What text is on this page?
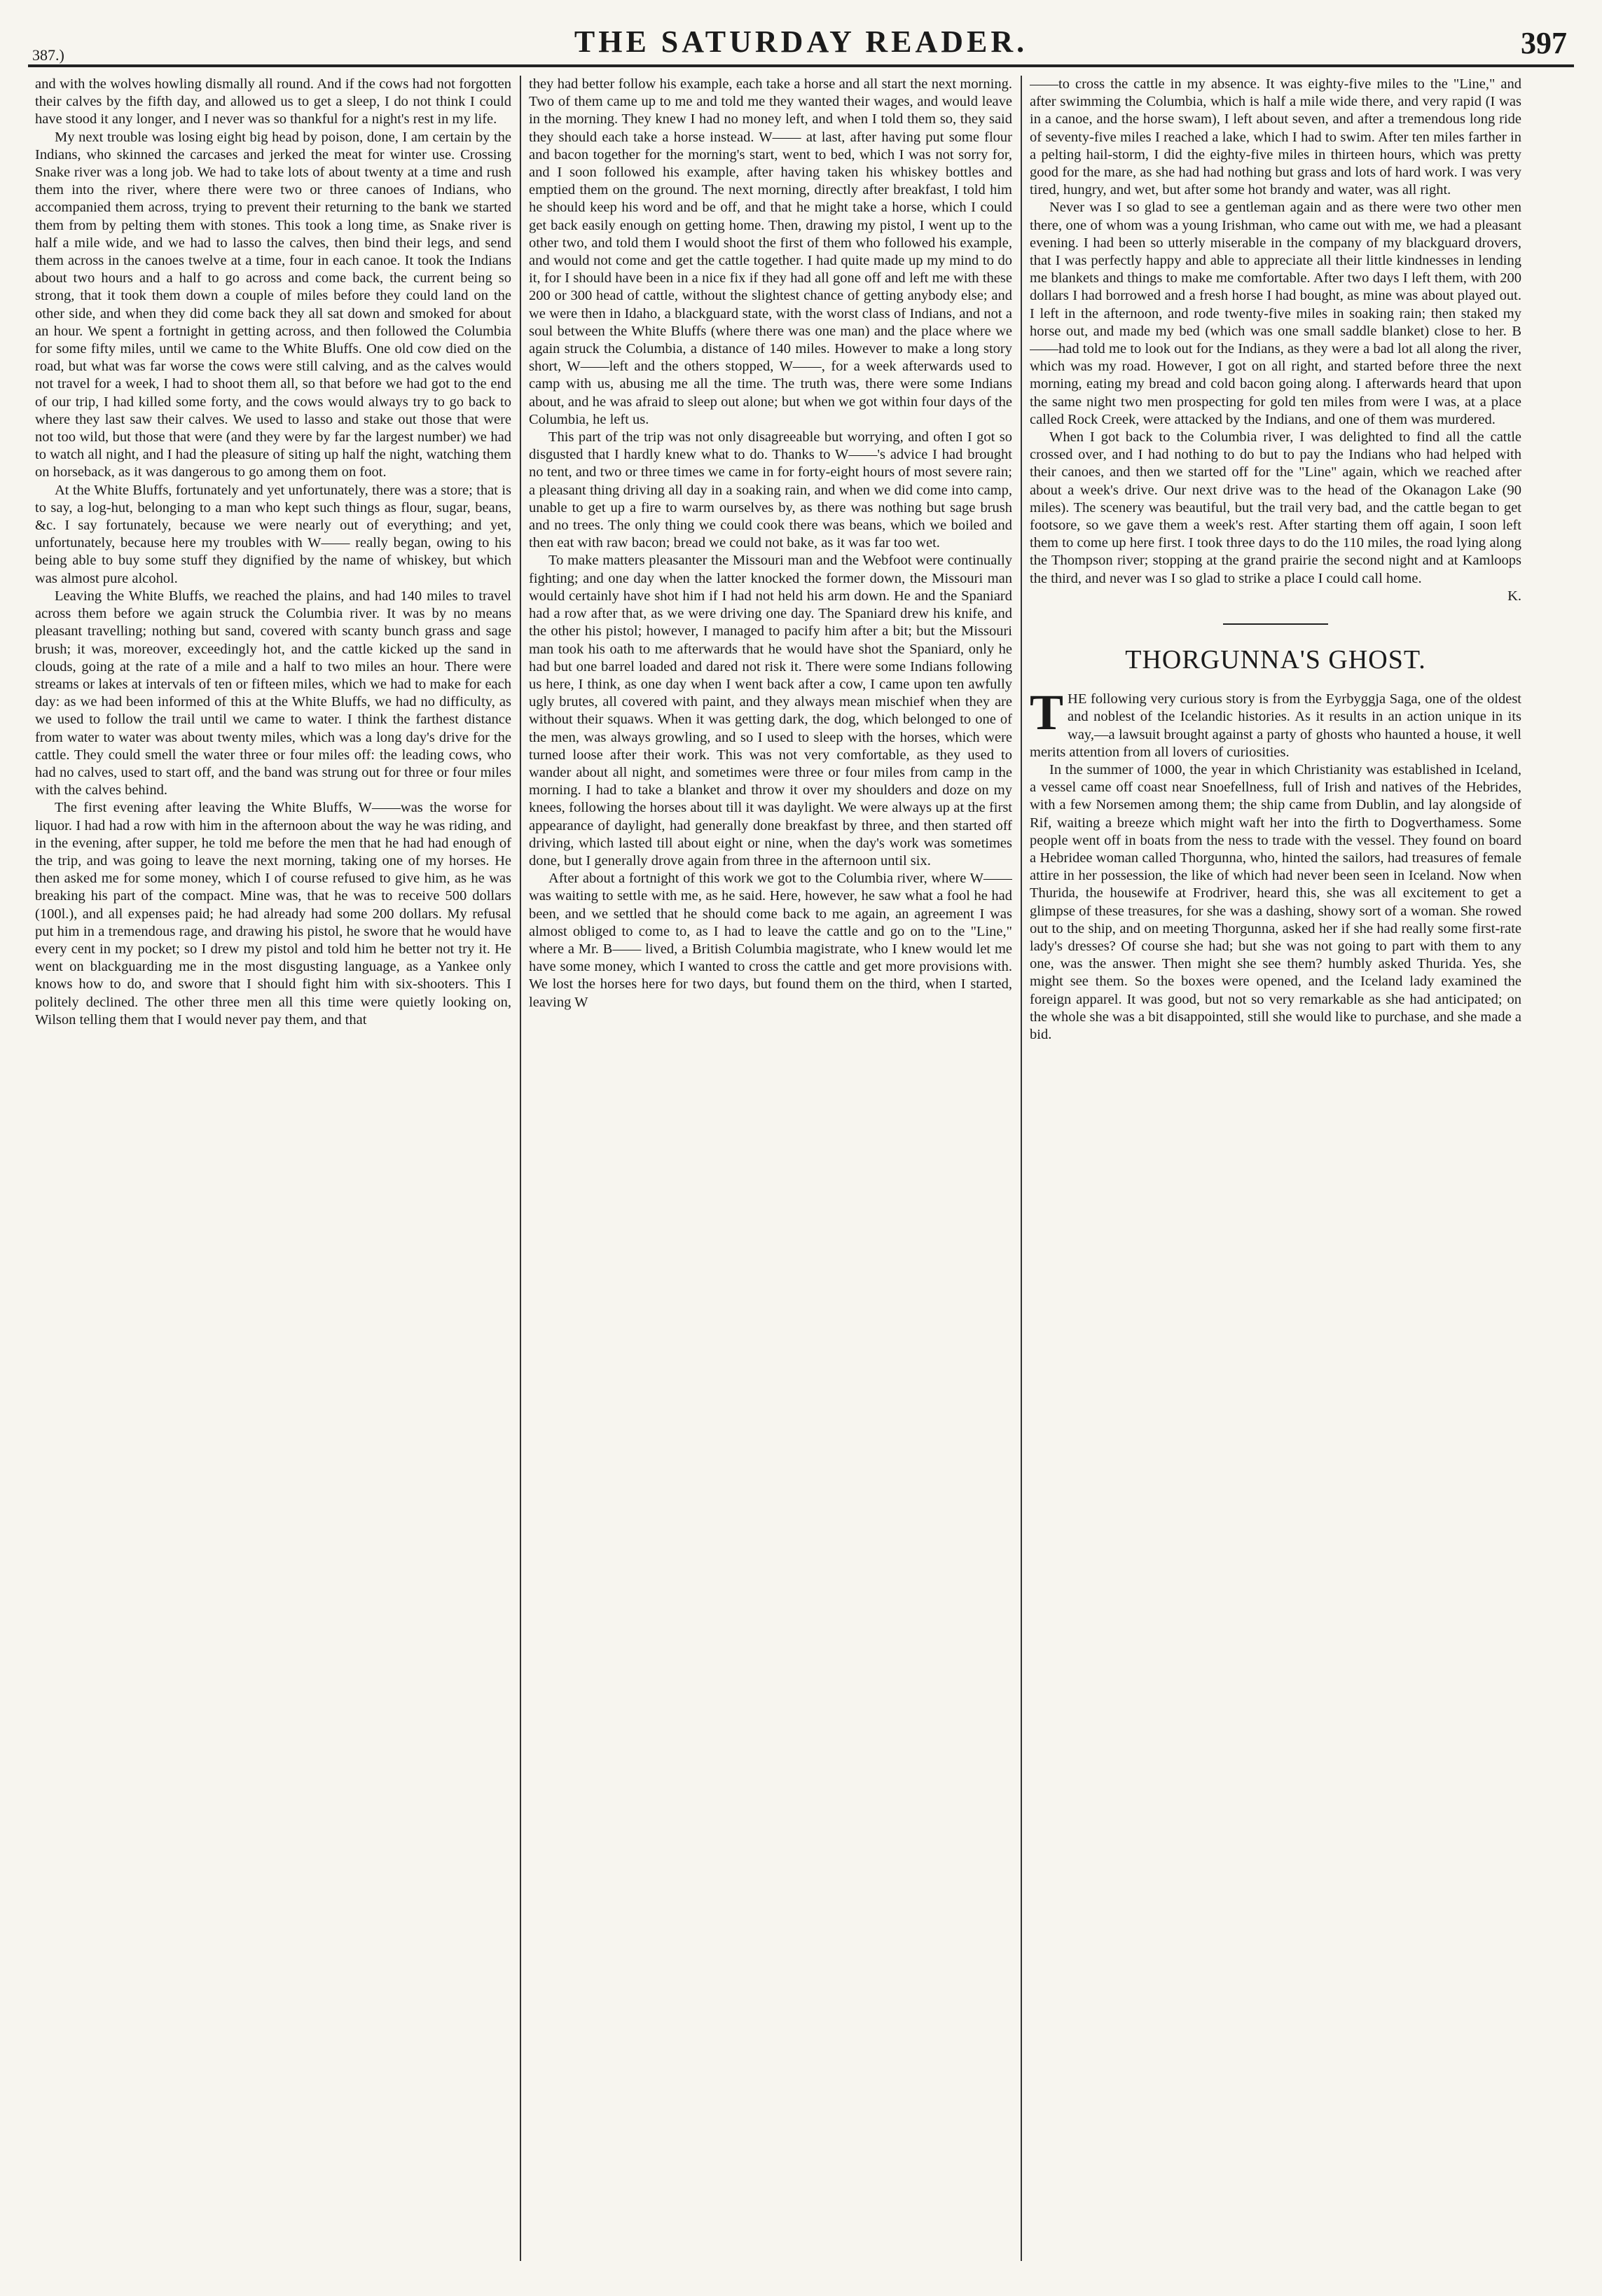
387.)	THE SATURDAY READER.	397

and with the wolves howling dismally all round. And if the cows had not forgotten their calves by the fifth day, and allowed us to get a sleep, I do not think I could have stood it any longer, and I never was so thankful for a night's rest in my life.

My next trouble was losing eight big head by poison, done, I am certain by the Indians, who skinned the carcases and jerked the meat for winter use. Crossing Snake river was a long job. We had to take lots of about twenty at a time and rush them into the river, where there were two or three canoes of Indians, who accompanied them across, trying to prevent their returning to the bank we started them from by pelting them with stones. This took a long time, as Snake river is half a mile wide, and we had to lasso the calves, then bind their legs, and send them across in the canoes twelve at a time, four in each canoe. It took the Indians about two hours and a half to go across and come back, the current being so strong, that it took them down a couple of miles before they could land on the other side, and when they did come back they all sat down and smoked for about an hour. We spent a fortnight in getting across, and then followed the Columbia for some fifty miles, until we came to the White Bluffs. One old cow died on the road, but what was far worse the cows were still calving, and as the calves would not travel for a week, I had to shoot them all, so that before we had got to the end of our trip, I had killed some forty, and the cows would always try to go back to where they last saw their calves. We used to lasso and stake out those that were not too wild, but those that were (and they were by far the largest number) we had to watch all night, and I had the pleasure of siting up half the night, watching them on horseback, as it was dangerous to go among them on foot.

At the White Bluffs, fortunately and yet unfortunately, there was a store; that is to say, a log-hut, belonging to a man who kept such things as flour, sugar, beans, &c. I say fortunately, because we were nearly out of everything; and yet, unfortunately, because here my troubles with W—— really began, owing to his being able to buy some stuff they dignified by the name of whiskey, but which was almost pure alcohol.

Leaving the White Bluffs, we reached the plains, and had 140 miles to travel across them before we again struck the Columbia river. It was by no means pleasant travelling; nothing but sand, covered with scanty bunch grass and sage brush; it was, moreover, exceedingly hot, and the cattle kicked up the sand in clouds, going at the rate of a mile and a half to two miles an hour. There were streams or lakes at intervals of ten or fifteen miles, which we had to make for each day: as we had been informed of this at the White Bluffs, we had no difficulty, as we used to follow the trail until we came to water. I think the farthest distance from water to water was about twenty miles, which was a long day's drive for the cattle. They could smell the water three or four miles off: the leading cows, who had no calves, used to start off, and the band was strung out for three or four miles with the calves behind.

The first evening after leaving the White Bluffs, W——was the worse for liquor. I had had a row with him in the afternoon about the way he was riding, and in the evening, after supper, he told me before the men that he had had enough of the trip, and was going to leave the next morning, taking one of my horses. He then asked me for some money, which I of course refused to give him, as he was breaking his part of the compact. Mine was, that he was to receive 500 dollars (100l.), and all expenses paid; he had already had some 200 dollars. My refusal put him in a tremendous rage, and drawing his pistol, he swore that he would have every cent in my pocket; so I drew my pistol and told him he better not try it. He went on blackguarding me in the most disgusting language, as a Yankee only knows how to do, and swore that I should fight him with six-shooters. This I politely declined. The other three men all this time were quietly looking on, Wilson telling them that I would never pay them, and that

they had better follow his example, each take a horse and all start the next morning. Two of them came up to me and told me they wanted their wages, and would leave in the morning. They knew I had no money left, and when I told them so, they said they should each take a horse instead. W—— at last, after having put some flour and bacon together for the morning's start, went to bed, which I was not sorry for, and I soon followed his example, after having taken his whiskey bottles and emptied them on the ground. The next morning, directly after breakfast, I told him he should keep his word and be off, and that he might take a horse, which I could get back easily enough on getting home. Then, drawing my pistol, I went up to the other two, and told them I would shoot the first of them who followed his example, and would not come and get the cattle together. I had quite made up my mind to do it, for I should have been in a nice fix if they had all gone off and left me with these 200 or 300 head of cattle, without the slightest chance of getting anybody else; and we were then in Idaho, a blackguard state, with the worst class of Indians, and not a soul between the White Bluffs (where there was one man) and the place where we again struck the Columbia, a distance of 140 miles. However to make a long story short, W——left and the others stopped, W——, for a week afterwards used to camp with us, abusing me all the time. The truth was, there were some Indians about, and he was afraid to sleep out alone; but when we got within four days of the Columbia, he left us.

This part of the trip was not only disagreeable but worrying, and often I got so disgusted that I hardly knew what to do. Thanks to W——'s advice I had brought no tent, and two or three times we came in for forty-eight hours of most severe rain; a pleasant thing driving all day in a soaking rain, and when we did come into camp, unable to get up a fire to warm ourselves by, as there was nothing but sage brush and no trees. The only thing we could cook there was beans, which we boiled and then eat with raw bacon; bread we could not bake, as it was far too wet.

To make matters pleasanter the Missouri man and the Webfoot were continually fighting; and one day when the latter knocked the former down, the Missouri man would certainly have shot him if I had not held his arm down. He and the Spaniard had a row after that, as we were driving one day. The Spaniard drew his knife, and the other his pistol; however, I managed to pacify him after a bit; but the Missouri man took his oath to me afterwards that he would have shot the Spaniard, only he had but one barrel loaded and dared not risk it. There were some Indians following us here, I think, as one day when I went back after a cow, I came upon ten awfully ugly brutes, all covered with paint, and they always mean mischief when they are without their squaws. When it was getting dark, the dog, which belonged to one of the men, was always growling, and so I used to sleep with the horses, which were turned loose after their work. This was not very comfortable, as they used to wander about all night, and sometimes were three or four miles from camp in the morning. I had to take a blanket and throw it over my shoulders and doze on my knees, following the horses about till it was daylight. We were always up at the first appearance of daylight, had generally done breakfast by three, and then started off driving, which lasted till about eight or nine, when the day's work was sometimes done, but I generally drove again from three in the afternoon until six.

After about a fortnight of this work we got to the Columbia river, where W—— was waiting to settle with me, as he said. Here, however, he saw what a fool he had been, and we settled that he should come back to me again, an agreement I was almost obliged to come to, as I had to leave the cattle and go on to the "Line," where a Mr. B—— lived, a British Columbia magistrate, who I knew would let me have some money, which I wanted to cross the cattle and get more provisions with. We lost the horses here for two days, but found them on the third, when I started, leaving W

——to cross the cattle in my absence. It was eighty-five miles to the "Line," and after swimming the Columbia, which is half a mile wide there, and very rapid (I was in a canoe, and the horse swam), I left about seven, and after a tremendous long ride of seventy-five miles I reached a lake, which I had to swim. After ten miles farther in a pelting hail-storm, I did the eighty-five miles in thirteen hours, which was pretty good for the mare, as she had had nothing but grass and lots of hard work. I was very tired, hungry, and wet, but after some hot brandy and water, was all right.

Never was I so glad to see a gentleman again and as there were two other men there, one of whom was a young Irishman, who came out with me, we had a pleasant evening. I had been so utterly miserable in the company of my blackguard drovers, that I was perfectly happy and able to appreciate all their little kindnesses in lending me blankets and things to make me comfortable. After two days I left them, with 200 dollars I had borrowed and a fresh horse I had bought, as mine was about played out. I left in the afternoon, and rode twenty-five miles in soaking rain; then staked my horse out, and made my bed (which was one small saddle blanket) close to her. B——had told me to look out for the Indians, as they were a bad lot all along the river, which was my road. However, I got on all right, and started before three the next morning, eating my bread and cold bacon going along. I afterwards heard that upon the same night two men prospecting for gold ten miles from were I was, at a place called Rock Creek, were attacked by the Indians, and one of them was murdered.

When I got back to the Columbia river, I was delighted to find all the cattle crossed over, and I had nothing to do but to pay the Indians who had helped with their canoes, and then we started off for the "Line" again, which we reached after about a week's drive. Our next drive was to the head of the Okanagon Lake (90 miles). The scenery was beautiful, but the trail very bad, and the cattle began to get footsore, so we gave them a week's rest. After starting them off again, I soon left them to come up here first. I took three days to do the 110 miles, the road lying along the Thompson river; stopping at the grand prairie the second night and at Kamloops the third, and never was I so glad to strike a place I could call home.

K.

THORGUNNA'S GHOST.

THE following very curious story is from the Eyrbyggja Saga, one of the oldest and noblest of the Icelandic histories. As it results in an action unique in its way,—a lawsuit brought against a party of ghosts who haunted a house, it well merits attention from all lovers of curiosities.

In the summer of 1000, the year in which Christianity was established in Iceland, a vessel came off coast near Snoefellness, full of Irish and natives of the Hebrides, with a few Norsemen among them; the ship came from Dublin, and lay alongside of Rif, waiting a breeze which might waft her into the firth to Dogverthamess. Some people went off in boats from the ness to trade with the vessel. They found on board a Hebridee woman called Thorgunna, who, hinted the sailors, had treasures of female attire in her possession, the like of which had never been seen in Iceland. Now when Thurida, the housewife at Frodriver, heard this, she was all excitement to get a glimpse of these treasures, for she was a dashing, showy sort of a woman. She rowed out to the ship, and on meeting Thorgunna, asked her if she had really some first-rate lady's dresses? Of course she had; but she was not going to part with them to any one, was the answer. Then might she see them? humbly asked Thurida. Yes, she might see them. So the boxes were opened, and the Iceland lady examined the foreign apparel. It was good, but not so very remarkable as she had anticipated; on the whole she was a bit disappointed, still she would like to purchase, and she made a bid.
